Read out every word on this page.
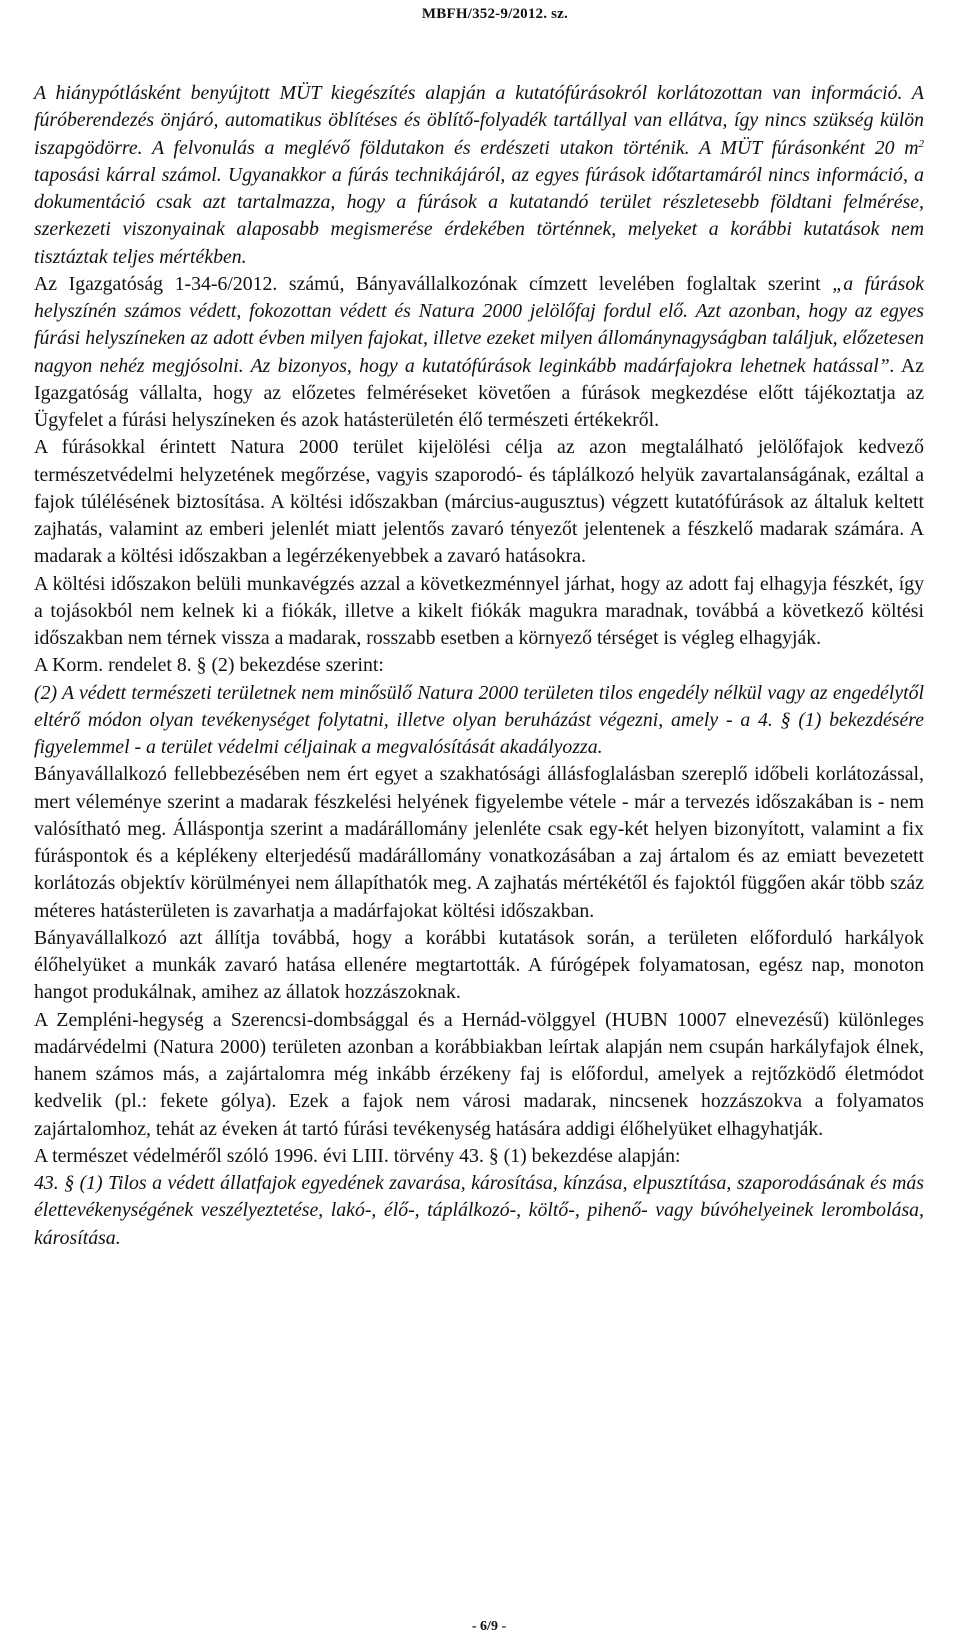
MBFH/352-9/2012. sz.

A hiánypótlásként benyújtott MÜT kiegészítés alapján a kutatófúrásokról korlátozottan van információ. A fúróberendezés önjáró, automatikus öblítéses és öblítő-folyadék tartállyal van ellátva, így nincs szükség külön iszapgödörre. A felvonulás a meglévő földutakon és erdészeti utakon történik. A MÜT fúrásonként 20 $m^2$ taposási kárral számol. Ugyanakkor a fúrás technikájáról, az egyes fúrások időtartamáról nincs információ, a dokumentáció csak azt tartalmazza, hogy a fúrások a kutatandó terület részletesebb földtani felmérése, szerkezeti viszonyainak alaposabb megismerése érdekében történnek, melyeket a korábbi kutatások nem tisztáztak teljes mértékben.

Az Igazgatóság 1-34-6/2012. számú, Bányavállalkozónak címzett levelében foglaltak szerint „a fúrások helyszínén számos védett, fokozottan védett és Natura 2000 jelölőfaj fordul elő. Azt azonban, hogy az egyes fúrási helyszíneken az adott évben milyen fajokat, illetve ezeket milyen állománynagyságban találjuk, előzetesen nagyon nehéz megjósolni. Az bizonyos, hogy a kutatófúrások leginkább madárfajokra lehetnek hatással”. Az Igazgatóság vállalta, hogy az előzetes felméréseket követően a fúrások megkezdése előtt tájékoztatja az Ügyfelet a fúrási helyszíneken és azok hatásterületén élő természeti értékekről.

A fúrásokkal érintett Natura 2000 terület kijelölési célja az azon megtalálható jelölőfajok kedvező természetvédelmi helyzetének megőrzése, vagyis szaporodó- és táplálkozó helyük zavartalanságának, ezáltal a fajok túlélésének biztosítása. A költési időszakban (március-augusztus) végzett kutatófúrások az általuk keltett zajhatás, valamint az emberi jelenlét miatt jelentős zavaró tényezőt jelentenek a fészkelő madarak számára. A madarak a költési időszakban a legérzékenyebbek a zavaró hatásokra.

A költési időszakon belüli munkavégzés azzal a következménnyel járhat, hogy az adott faj elhagyja fészkét, így a tojásokból nem kelnek ki a fiókák, illetve a kikelt fiókák magukra maradnak, továbbá a következő költési időszakban nem térnek vissza a madarak, rosszabb esetben a környező térséget is végleg elhagyják.

A Korm. rendelet 8. § (2) bekezdése szerint:

(2) A védett természeti területnek nem minősülő Natura 2000 területen tilos engedély nélkül vagy az engedélytől eltérő módon olyan tevékenységet folytatni, illetve olyan beruházást végezni, amely - a 4. § (1) bekezdésére figyelemmel - a terület védelmi céljainak a megvalósítását akadályozza.

Bányavállalkozó fellebbezésében nem ért egyet a szakhatósági állásfoglalásban szereplő időbeli korlátozással, mert véleménye szerint a madarak fészkelési helyének figyelembe vétele - már a tervezés időszakában is - nem valósítható meg. Álláspontja szerint a madárállomány jelenléte csak egy-két helyen bizonyított, valamint a fix fúráspontok és a képlékeny elterjedésű madárállomány vonatkozásában a zaj ártalom és az emiatt bevezetett korlátozás objektív körülményei nem állapíthatók meg. A zajhatás mértékétől és fajoktól függően akár több száz méteres hatásterületen is zavarhatja a madárfajokat költési időszakban.

Bányavállalkozó azt állítja továbbá, hogy a korábbi kutatások során, a területen előforduló harkályok élőhelyüket a munkák zavaró hatása ellenére megtartották. A fúrógépek folyamatosan, egész nap, monoton hangot produkálnak, amihez az állatok hozzászoknak.

A Zempléni-hegység a Szerencsi-dombsággal és a Hernád-völggyel (HUBN 10007 elnevezésű) különleges madárvédelmi (Natura 2000) területen azonban a korábbiakban leírtak alapján nem csupán harkályfajok élnek, hanem számos más, a zajártalomra még inkább érzékeny faj is előfordul, amelyek a rejtőzködő életmódot kedvelik (pl.: fekete gólya). Ezek a fajok nem városi madarak, nincsenek hozzászokva a folyamatos zajártalomhoz, tehát az éveken át tartó fúrási tevékenység hatására addigi élőhelyüket elhagyhatják.

A természet védelméről szóló 1996. évi LIII. törvény 43. § (1) bekezdése alapján:

43. § (1) Tilos a védett állatfajok egyedének zavarása, károsítása, kínzása, elpusztítása, szaporodásának és más élettevékenységének veszélyeztetése, lakó-, élő-, táplálkozó-, költő-, pihenő- vagy búvóhelyeinek lerombolása, károsítása.

- 6/9 -
